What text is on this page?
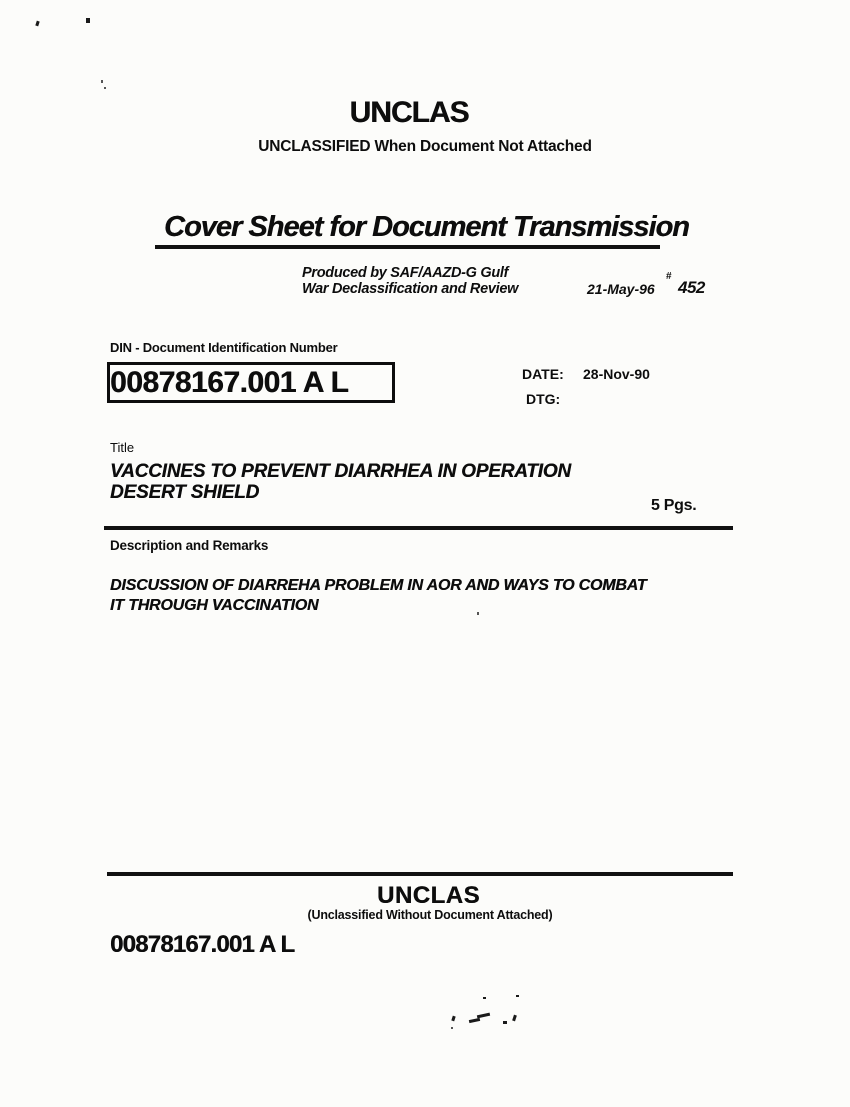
UNCLAS
UNCLASSIFIED When Document Not Attached
Cover Sheet for Document Transmission
Produced by SAF/AAZD-G Gulf
War Declassification and Review	21-May-96
#
452
DIN - Document Identification Number
00878167.001 A L	DATE: 28-Nov-90
DTG:
Title
VACCINES TO PREVENT DIARRHEA IN OPERATION
DESERT SHIELD
5 Pgs.
Description and Remarks
DISCUSSION OF DIARREHA PROBLEM IN AOR AND WAYS TO COMBAT
IT THROUGH VACCINATION
UNCLAS
(Unclassified Without Document Attached)
00878167.001 A L
